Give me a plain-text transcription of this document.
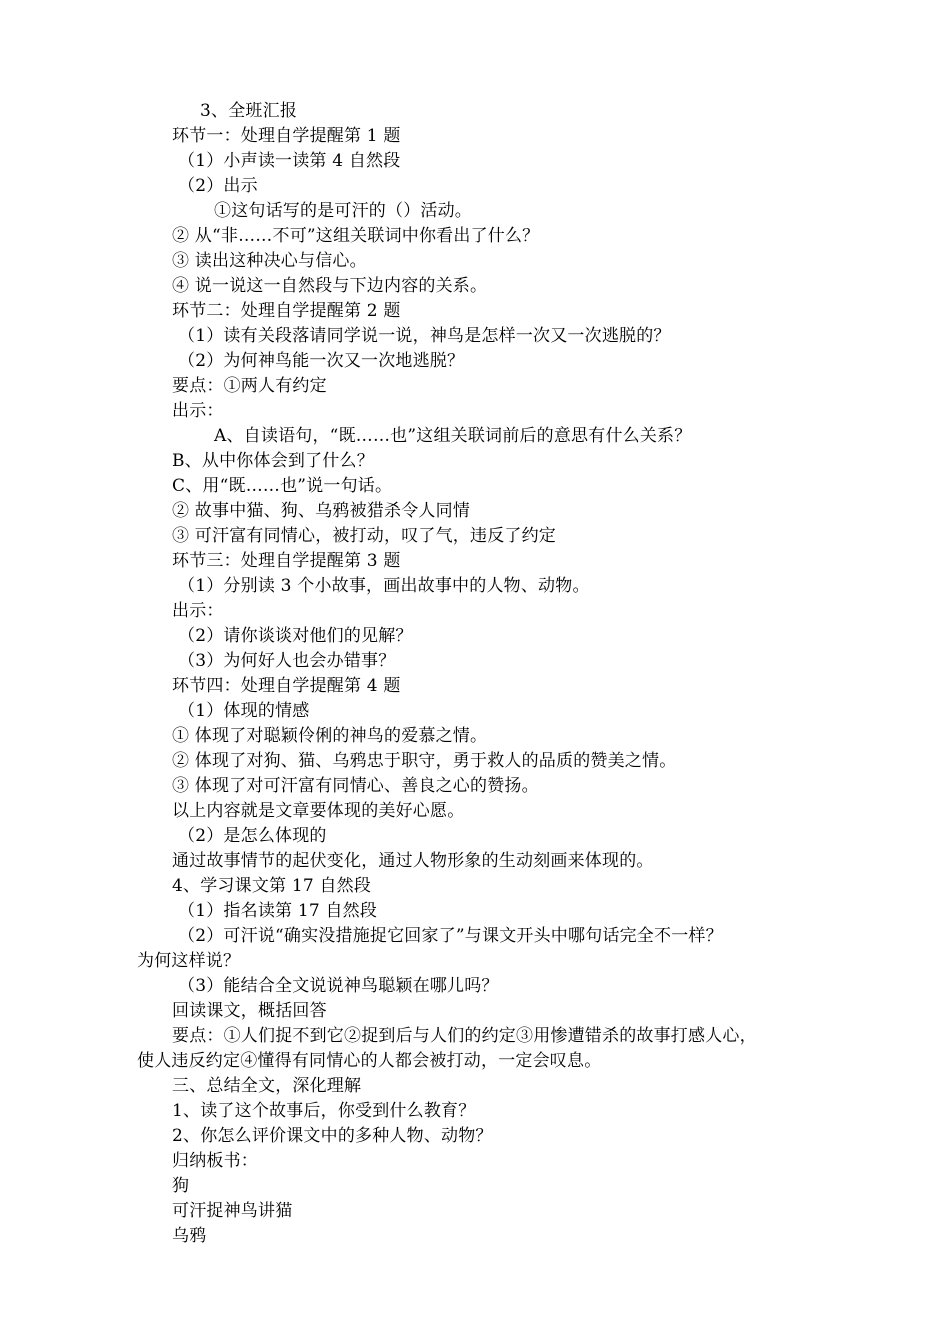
3、全班汇报
环节一：处理自学提醒第 1 题
（1）小声读一读第 4 自然段
（2）出示
①这句话写的是可汗的（）活动。
② 从“非……不可”这组关联词中你看出了什么？
③ 读出这种决心与信心。
④ 说一说这一自然段与下边内容的关系。
环节二：处理自学提醒第 2 题
（1）读有关段落请同学说一说，神鸟是怎样一次又一次逃脱的？
（2）为何神鸟能一次又一次地逃脱？
要点：①两人有约定
出示：
A、自读语句，“既……也”这组关联词前后的意思有什么关系？
B、从中你体会到了什么？
C、用“既……也”说一句话。
② 故事中猫、狗、乌鸦被猎杀令人同情
③ 可汗富有同情心，被打动，叹了气，违反了约定
环节三：处理自学提醒第 3 题
（1）分别读 3 个小故事，画出故事中的人物、动物。
出示：
（2）请你谈谈对他们的见解？
（3）为何好人也会办错事？
环节四：处理自学提醒第 4 题
（1）体现的情感
① 体现了对聪颖伶俐的神鸟的爱慕之情。
② 体现了对狗、猫、乌鸦忠于职守，勇于救人的品质的赞美之情。
③ 体现了对可汗富有同情心、善良之心的赞扬。
以上内容就是文章要体现的美好心愿。
（2）是怎么体现的
通过故事情节的起伏变化，通过人物形象的生动刻画来体现的。
4、学习课文第 17 自然段
（1）指名读第 17 自然段
（2）可汗说“确实没措施捉它回家了”与课文开头中哪句话完全不一样？
为何这样说？
（3）能结合全文说说神鸟聪颖在哪儿吗？
回读课文，概括回答
要点：①人们捉不到它②捉到后与人们的约定③用惨遭错杀的故事打感人心，
使人违反约定④懂得有同情心的人都会被打动，一定会叹息。
三、总结全文，深化理解
1、读了这个故事后，你受到什么教育？
2、你怎么评价课文中的多种人物、动物？
归纳板书：
狗
可汗捉神鸟讲猫
乌鸦
